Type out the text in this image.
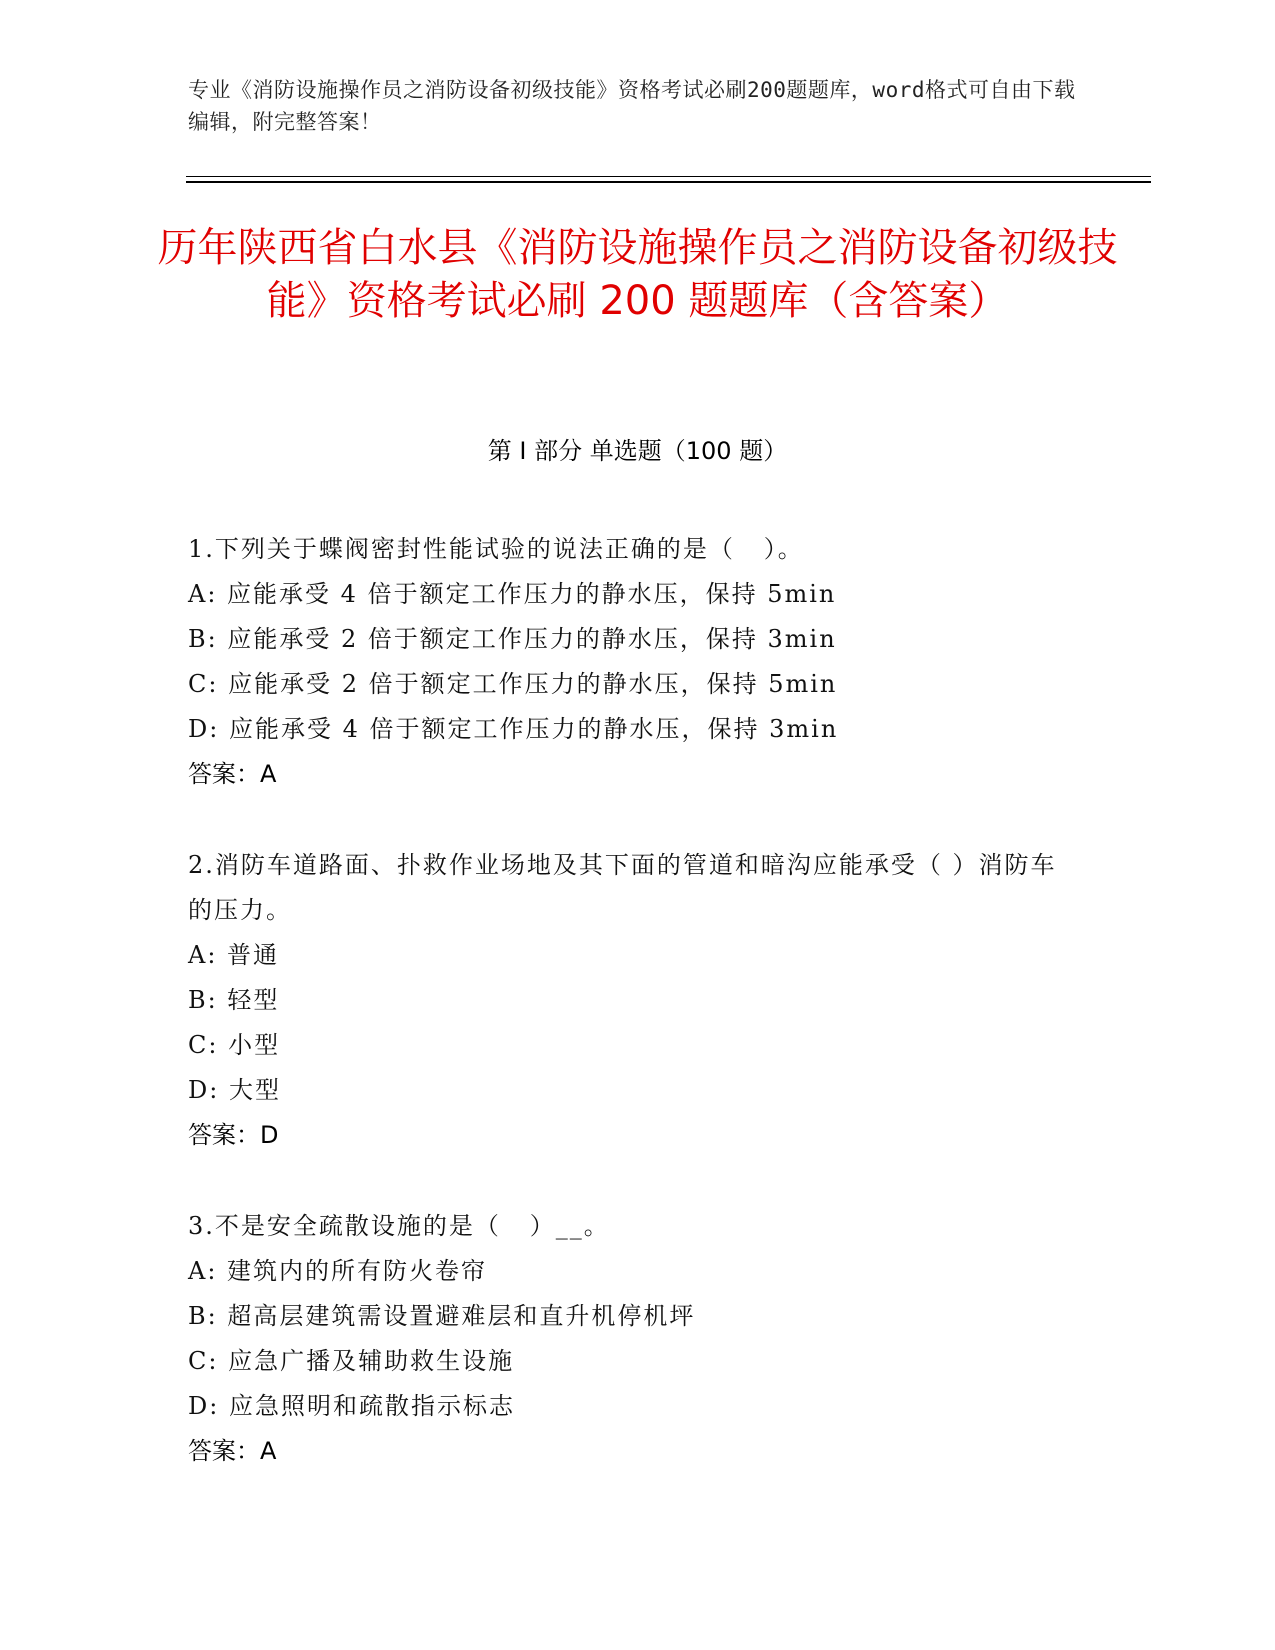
专业《消防设施操作员之消防设备初级技能》资格考试必刷200题题库，word格式可自由下载编辑，附完整答案！
历年陕西省白水县《消防设施操作员之消防设备初级技能》资格考试必刷 200 题题库（含答案）
第 I 部分 单选题（100 题）
1.下列关于蝶阀密封性能试验的说法正确的是（   ）。
A: 应能承受 4 倍于额定工作压力的静水压，保持 5min
B: 应能承受 2 倍于额定工作压力的静水压，保持 3min
C: 应能承受 2 倍于额定工作压力的静水压，保持 5min
D: 应能承受 4 倍于额定工作压力的静水压，保持 3min
答案：A
2.消防车道路面、扑救作业场地及其下面的管道和暗沟应能承受（ ）消防车的压力。
A: 普通
B: 轻型
C: 小型
D: 大型
答案：D
3.不是安全疏散设施的是（   ）__。
A: 建筑内的所有防火卷帘
B: 超高层建筑需设置避难层和直升机停机坪
C: 应急广播及辅助救生设施
D: 应急照明和疏散指示标志
答案：A
